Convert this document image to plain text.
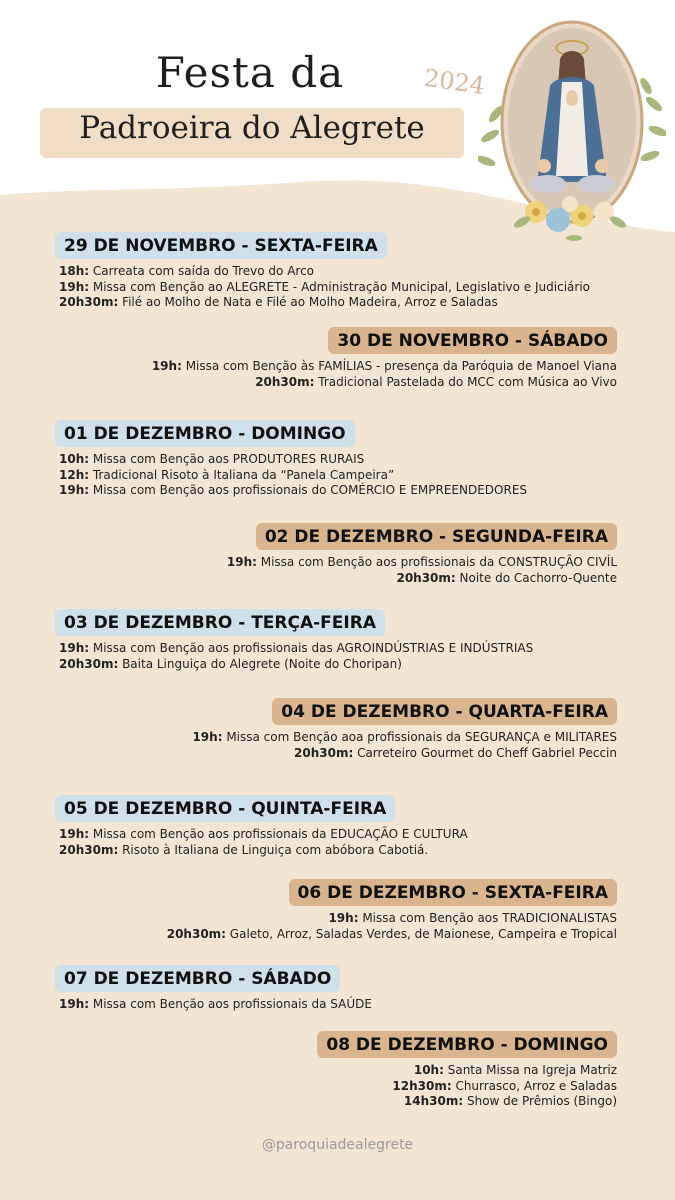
Festa da
Padroeira do Alegrete
2024
29 DE NOVEMBRO - SEXTA-FEIRA
18h: Carreata com saída do Trevo do Arco
19h: Missa com Benção ao ALEGRETE - Administração Municipal, Legislativo e Judiciário
20h30m: Filé ao Molho de Nata e Filé ao Molho Madeira, Arroz e Saladas
30 DE NOVEMBRO - SÁBADO
19h: Missa com Benção às FAMÍLIAS - presença da Paróquia de Manoel Viana
20h30m: Tradicional Pastelada do MCC com Música ao Vivo
01 DE DEZEMBRO - DOMINGO
10h: Missa com Benção aos PRODUTORES RURAIS
12h: Tradicional Risoto à Italiana da “Panela Campeira”
19h: Missa com Benção aos profissionais do COMÉRCIO E EMPREENDEDORES
02 DE DEZEMBRO - SEGUNDA-FEIRA
19h: Missa com Benção aos profissionais da CONSTRUÇÃO CIVÍL
20h30m: Noite do Cachorro-Quente
03 DE DEZEMBRO - TERÇA-FEIRA
19h: Missa com Benção aos profissionais das AGROINDÚSTRIAS E INDÚSTRIAS
20h30m: Baita Linguiça do Alegrete (Noite do Choripan)
04 DE DEZEMBRO - QUARTA-FEIRA
19h: Missa com Benção aoa profissionais da SEGURANÇA e MILITARES
20h30m: Carreteiro Gourmet do Cheff Gabriel Peccin
05 DE DEZEMBRO - QUINTA-FEIRA
19h: Missa com Benção aos profissionais da EDUCAÇÃO E CULTURA
20h30m: Risoto à Italiana de Linguiça com abóbora Cabotiá.
06 DE DEZEMBRO - SEXTA-FEIRA
19h: Missa com Benção aos TRADICIONALISTAS
20h30m: Galeto, Arroz, Saladas Verdes, de Maionese, Campeira e Tropical
07 DE DEZEMBRO - SÁBADO
19h: Missa com Benção aos profissionais da SAÚDE
08 DE DEZEMBRO - DOMINGO
10h: Santa Missa na Igreja Matriz
12h30m: Churrasco, Arroz e Saladas
14h30m: Show de Prêmios (Bingo)
@paroquiadealegrete
